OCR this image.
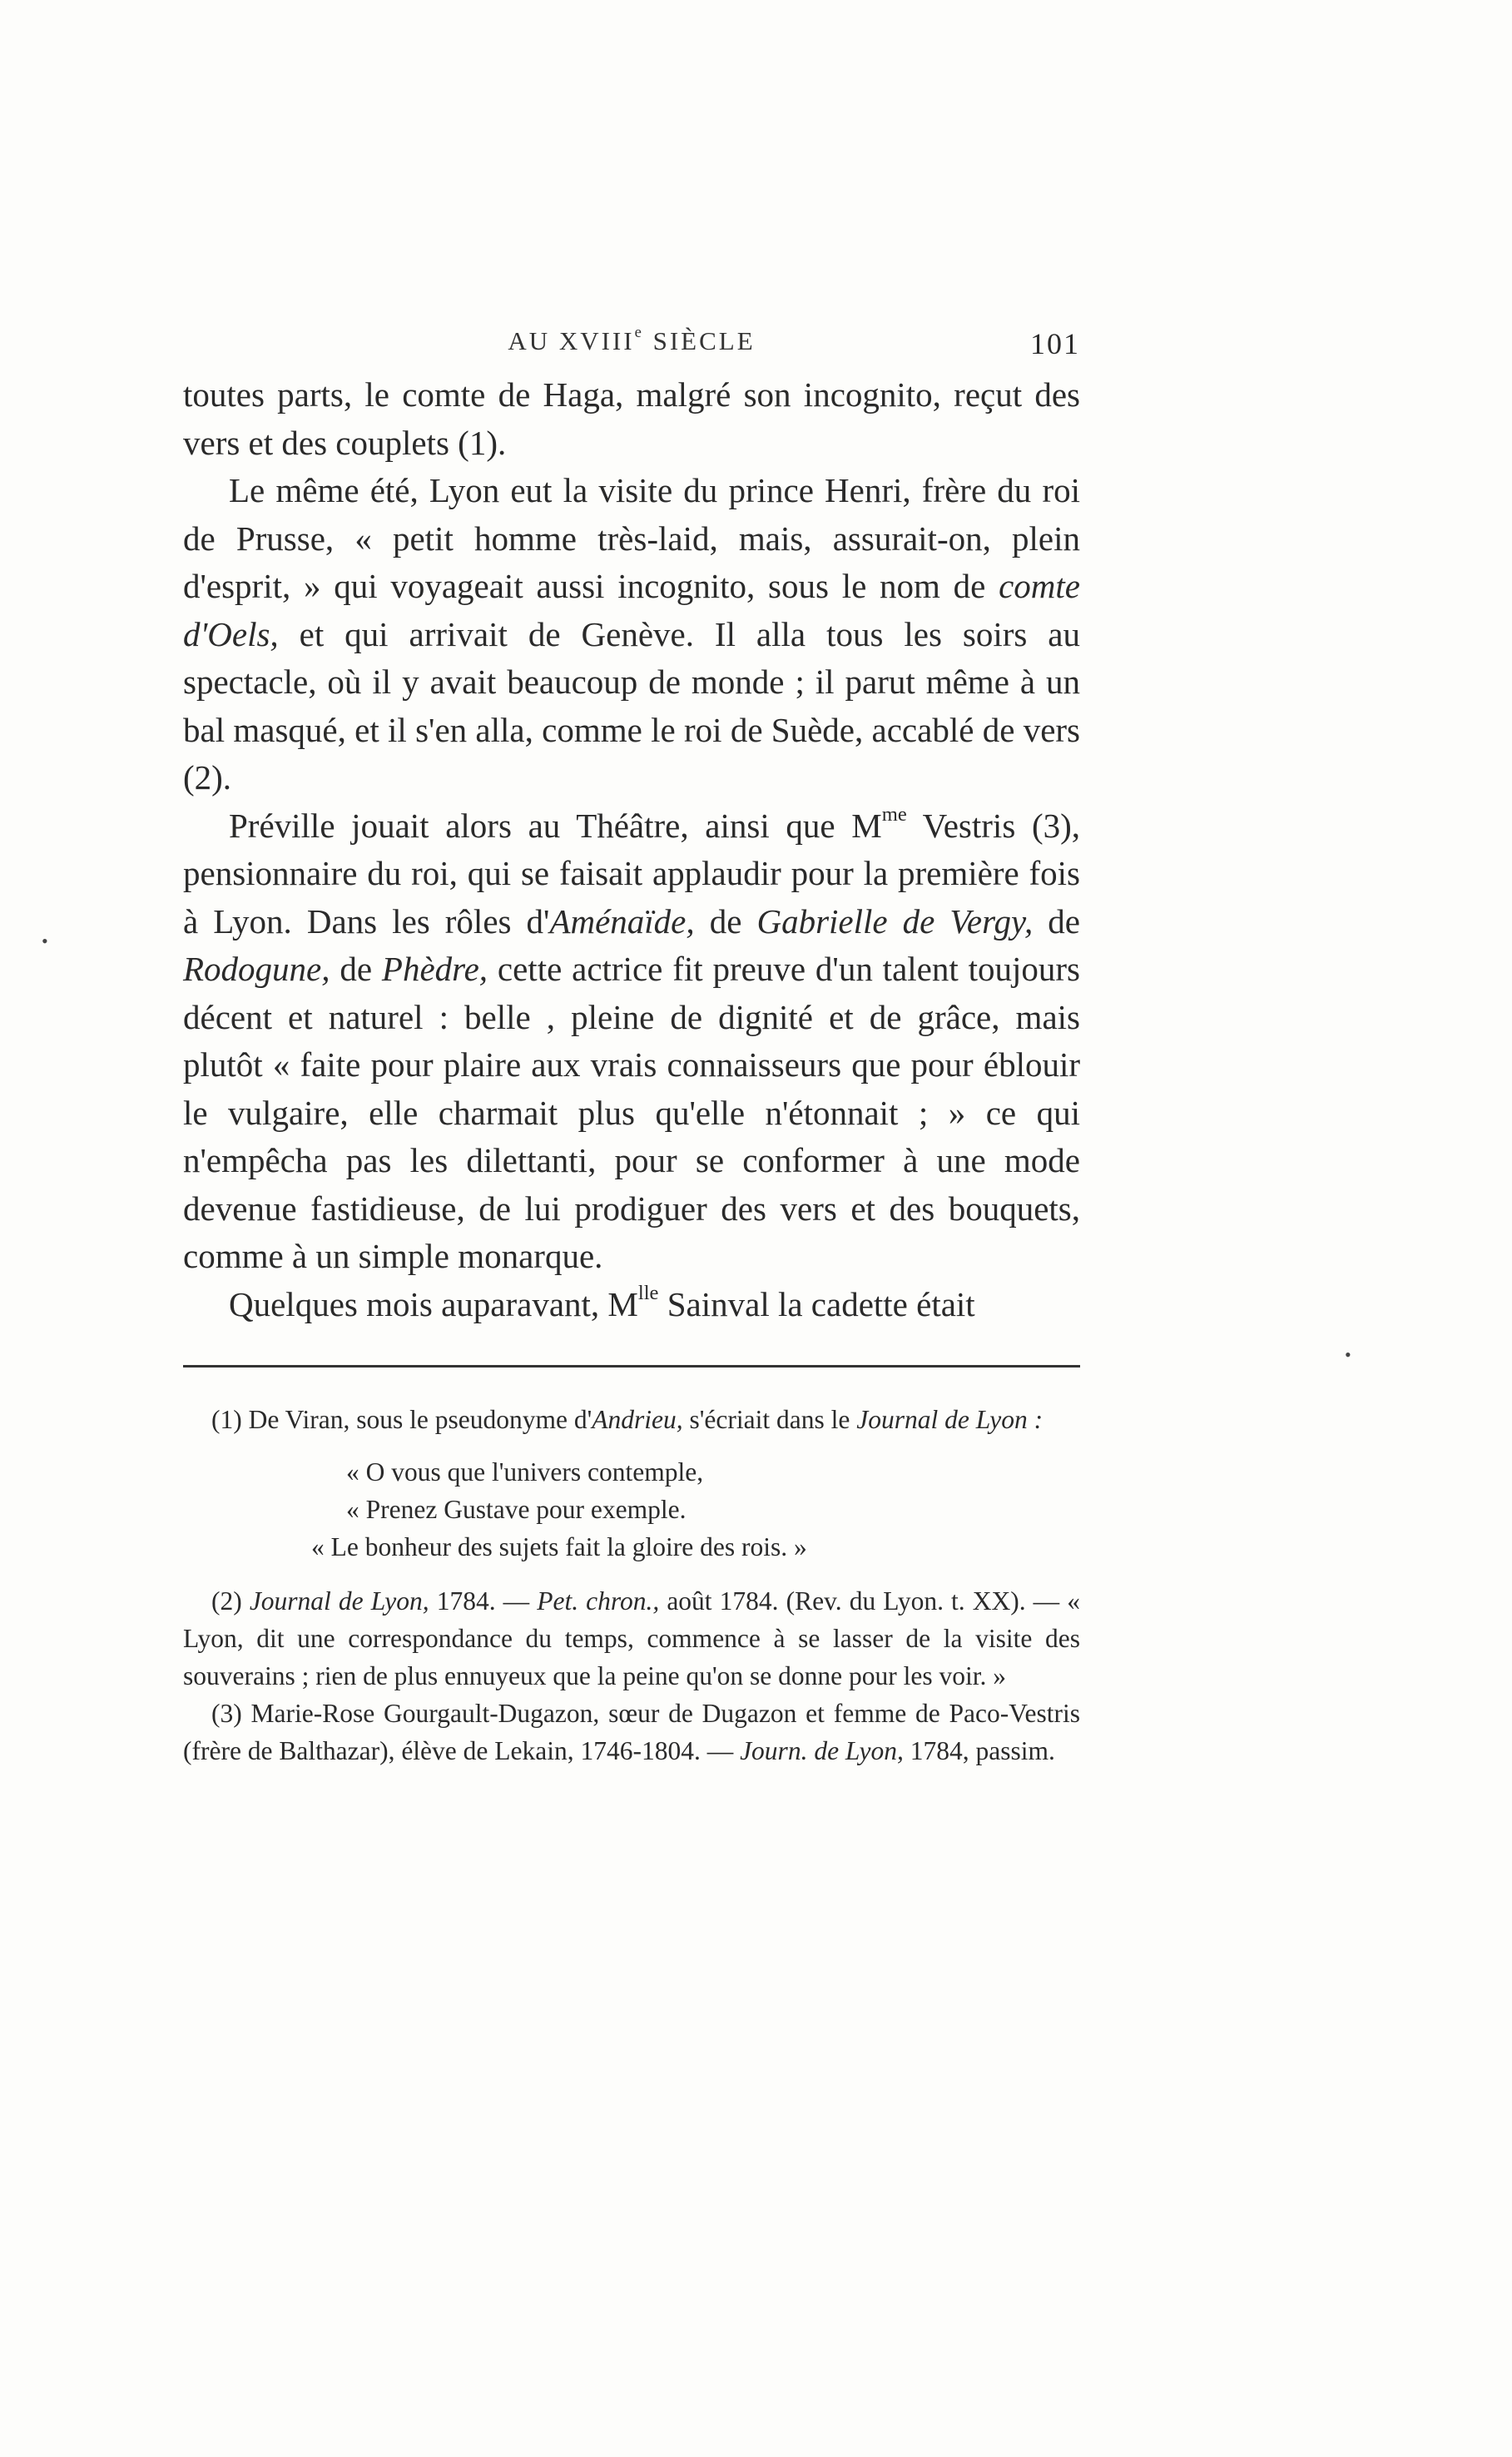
AU XVIIIe SIÈCLE	101

toutes parts, le comte de Haga, malgré son incognito, reçut des vers et des couplets (1).

Le même été, Lyon eut la visite du prince Henri, frère du roi de Prusse, « petit homme très-laid, mais, assurait-on, plein d'esprit, » qui voyageait aussi incognito, sous le nom de comte d'Oels, et qui arrivait de Genève. Il alla tous les soirs au spectacle, où il y avait beaucoup de monde ; il parut même à un bal masqué, et il s'en alla, comme le roi de Suède, accablé de vers (2).

Préville jouait alors au Théâtre, ainsi que $M^{me}$ Vestris (3), pensionnaire du roi, qui se faisait applaudir pour la première fois à Lyon. Dans les rôles d'Aménaïde, de Gabrielle de Vergy, de Rodogune, de Phèdre, cette actrice fit preuve d'un talent toujours décent et naturel : belle , pleine de dignité et de grâce, mais plutôt « faite pour plaire aux vrais connaisseurs que pour éblouir le vulgaire, elle charmait plus qu'elle n'étonnait ; » ce qui n'empêcha pas les dilettanti, pour se conformer à une mode devenue fastidieuse, de lui prodiguer des vers et des bouquets, comme à un simple monarque.

Quelques mois auparavant, $M^{lle}$ Sainval la cadette était

(1) De Viran, sous le pseudonyme d'Andrieu, s'écriait dans le Journal de Lyon :

« O vous que l'univers contemple,
« Prenez Gustave pour exemple.
« Le bonheur des sujets fait la gloire des rois. »

(2) Journal de Lyon, 1784. — Pet. chron., août 1784. (Rev. du Lyon. t. XX). — « Lyon, dit une correspondance du temps, commence à se lasser de la visite des souverains ; rien de plus ennuyeux que la peine qu'on se donne pour les voir. »

(3) Marie-Rose Gourgault-Dugazon, sœur de Dugazon et femme de Paco-Vestris (frère de Balthazar), élève de Lekain, 1746-1804. — Journ. de Lyon, 1784, passim.

•
•
